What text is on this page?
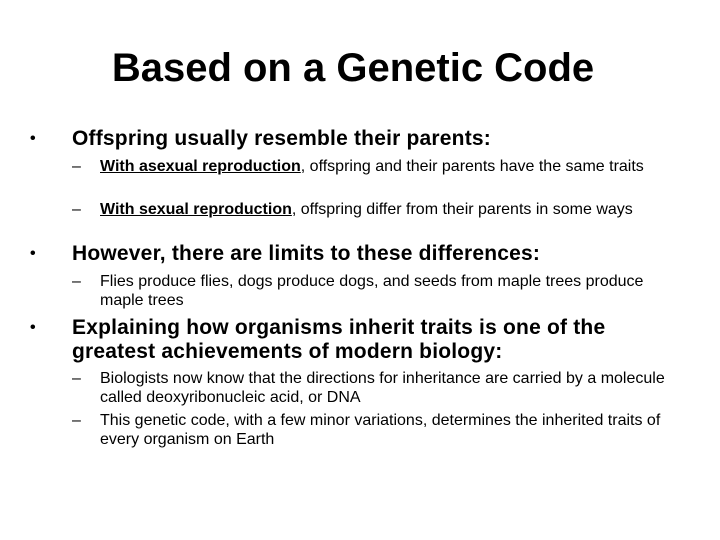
Based on a Genetic Code
• Offspring usually resemble their parents:
– With asexual reproduction, offspring and their parents have the same traits
– With sexual reproduction, offspring differ from their parents in some ways
• However, there are limits to these differences:
– Flies produce flies, dogs produce dogs, and seeds from maple trees produce maple trees
• Explaining how organisms inherit traits is one of the greatest achievements of modern biology:
– Biologists now know that the directions for inheritance are carried by a molecule called deoxyribonucleic acid, or DNA
– This genetic code, with a few minor variations, determines the inherited traits of every organism on Earth
